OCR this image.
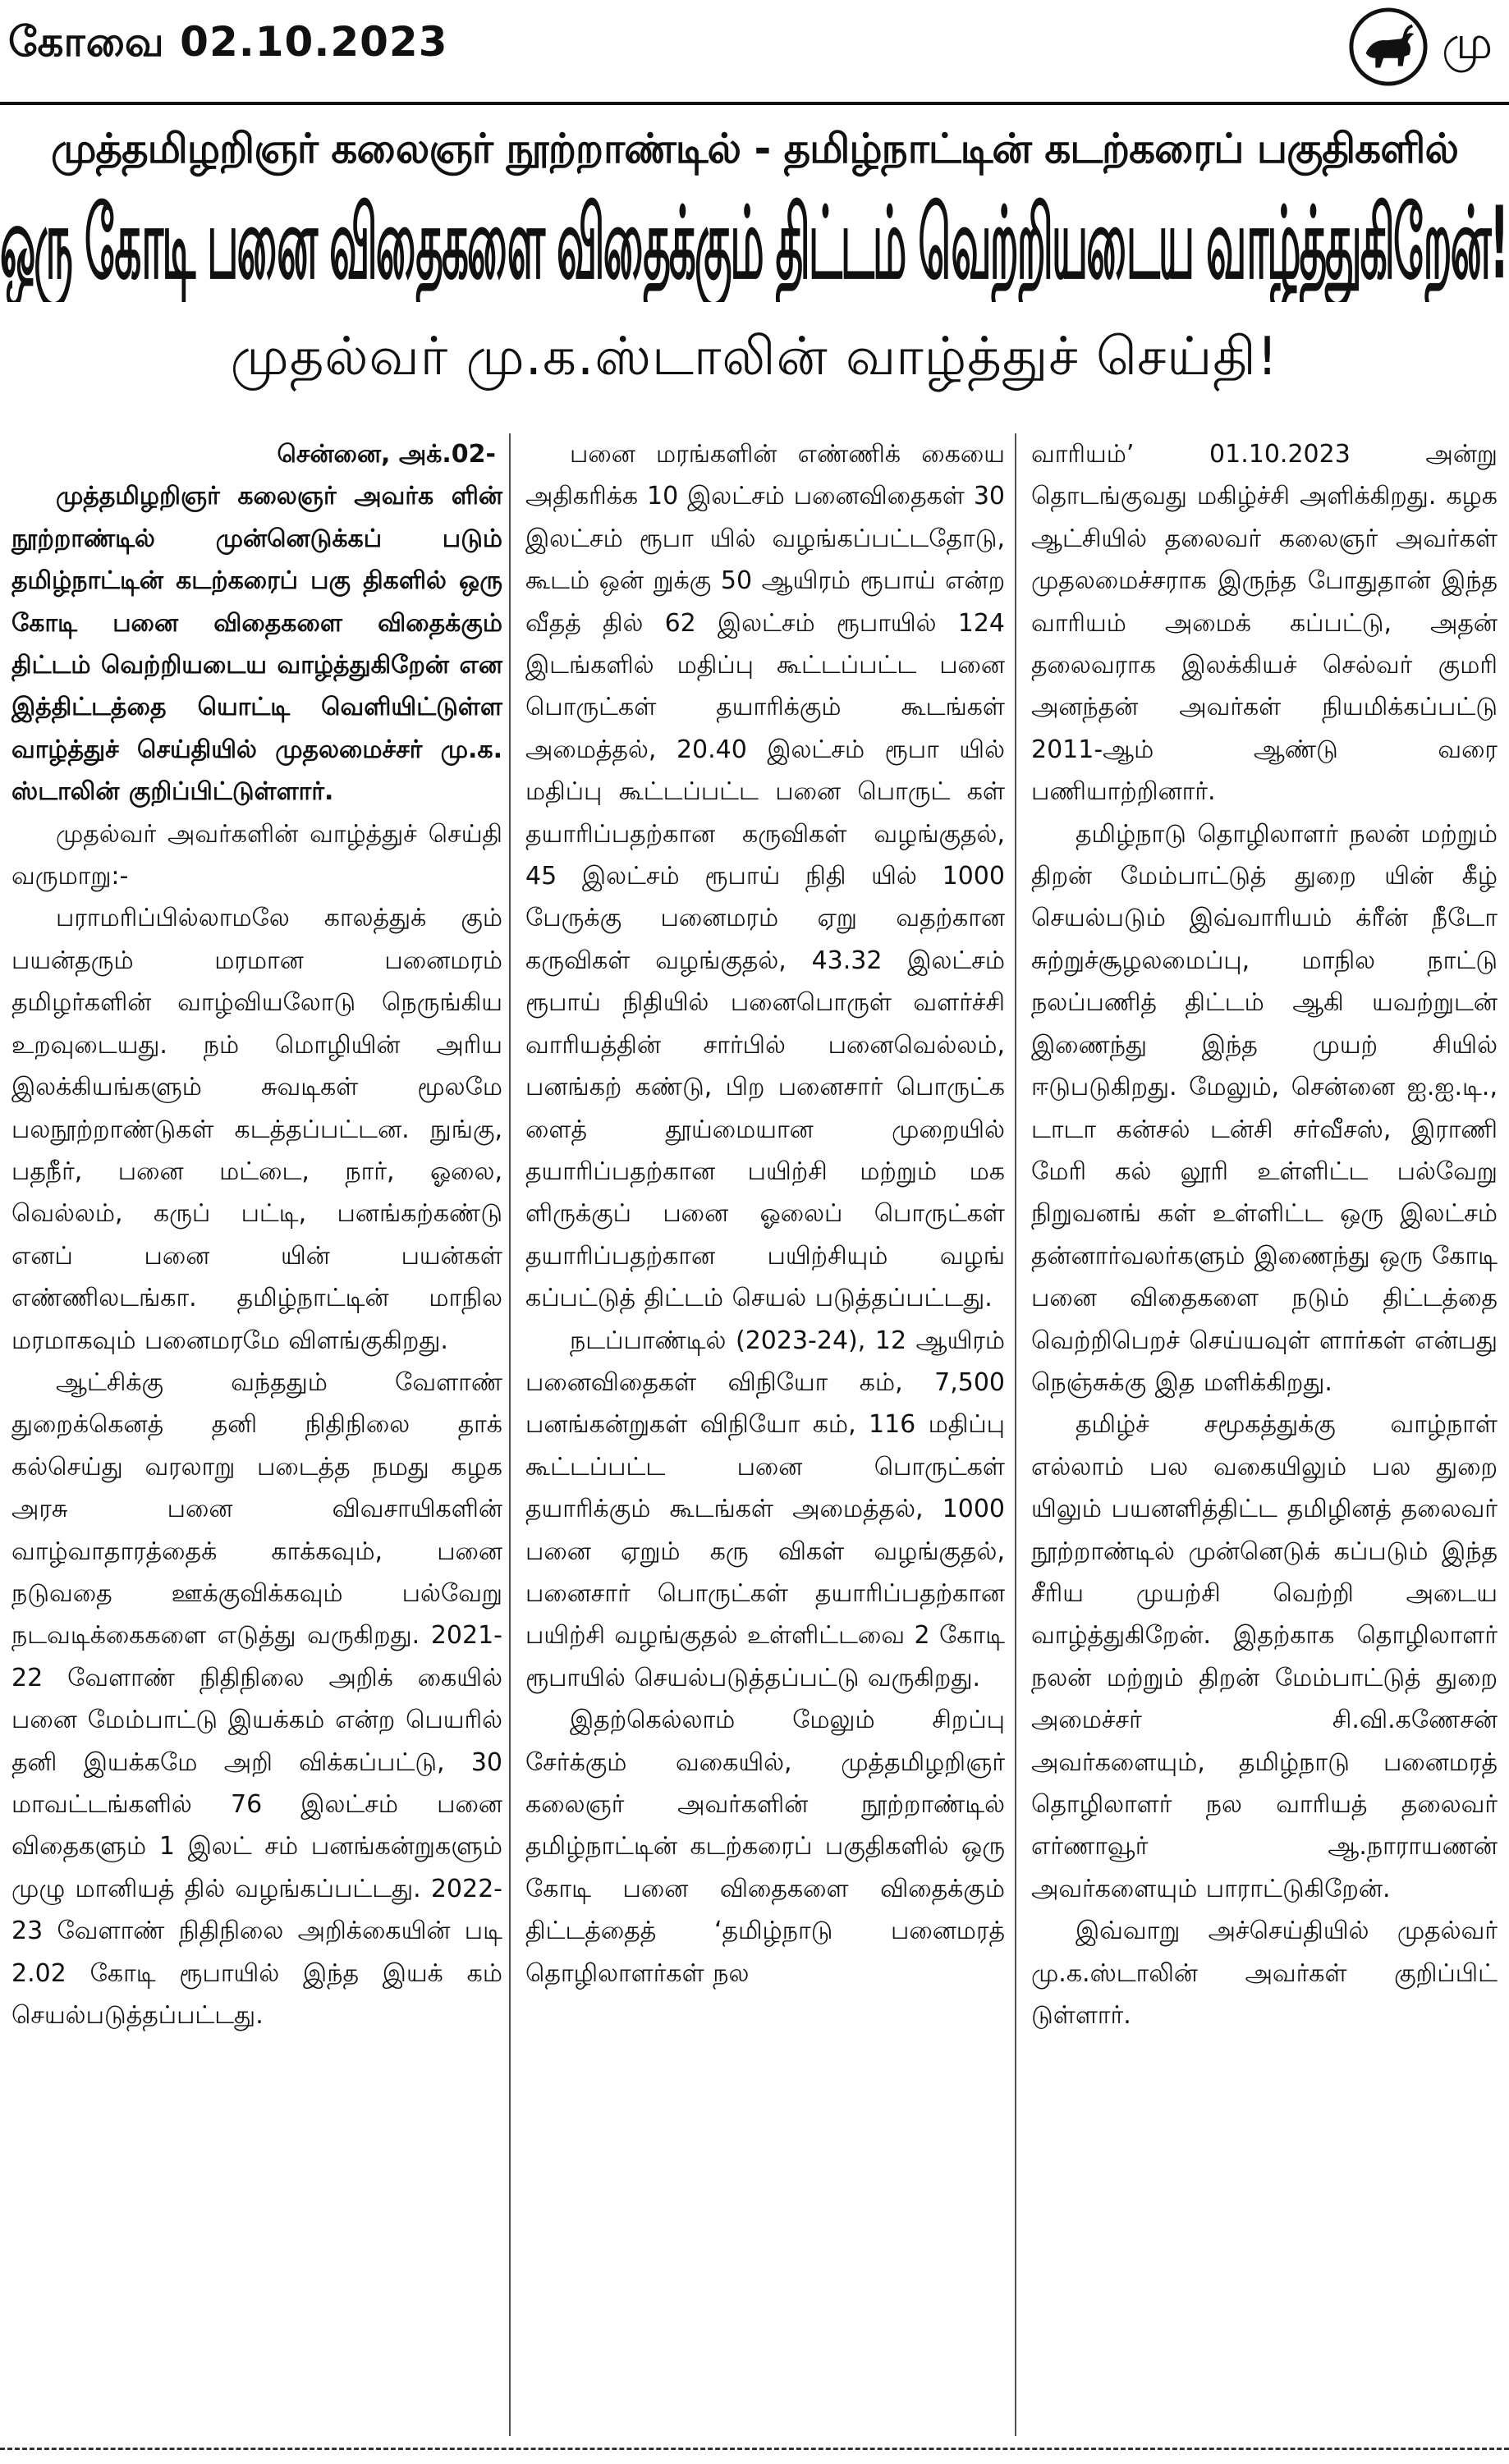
கோவை 02.10.2023	மு
முத்தமிழறிஞர் கலைஞர் நூற்றாண்டில் - தமிழ்நாட்டின் கடற்கரைப் பகுதிகளில்
ஒரு கோடி பனை விதைகளை விதைக்கும் திட்டம் வெற்றியடைய வாழ்த்துகிறேன்!
முதல்வர் மு.க.ஸ்டாலின் வாழ்த்துச் செய்தி!
சென்னை, அக்.02-

முத்தமிழறிஞர் கலைஞர் அவர்க ளின் நூற்றாண்டில் முன்னெடுக்கப் படும் தமிழ்நாட்டின் கடற்கரைப் பகு திகளில் ஒரு கோடி பனை விதைகளை விதைக்கும் திட்டம் வெற்றியடைய வாழ்த்துகிறேன் என இத்திட்டத்தை யொட்டி வெளியிட்டுள்ள வாழ்த்துச் செய்தியில் முதலமைச்சர் மு.க. ஸ்டாலின் குறிப்பிட்டுள்ளார்.

முதல்வர் அவர்களின் வாழ்த்துச் செய்தி வருமாறு:-

பராமரிப்பில்லாமலே காலத்துக் கும் பயன்தரும் மரமான பனைமரம் தமிழர்களின் வாழ்வியலோடு நெருங்கிய உறவுடையது. நம் மொழியின் அரிய இலக்கியங்களும் சுவடிகள் மூலமே பலநூற்றாண்டுகள் கடத்தப்பட்டன. நுங்கு, பதநீர், பனை மட்டை, நார், ஓலை, வெல்லம், கருப் பட்டி, பனங்கற்கண்டு எனப் பனை யின் பயன்கள் எண்ணிலடங்கா. தமிழ்நாட்டின் மாநில மரமாகவும் பனைமரமே விளங்குகிறது.

ஆட்சிக்கு வந்ததும் வேளாண் துறைக்கெனத் தனி நிதிநிலை தாக் கல்செய்து வரலாறு படைத்த நமது கழக அரசு பனை விவசாயிகளின் வாழ்வாதாரத்தைக் காக்கவும், பனை நடுவதை ஊக்குவிக்கவும் பல்வேறு நடவடிக்கைகளை எடுத்து வருகிறது. 2021-22 வேளாண் நிதிநிலை அறிக் கையில் பனை மேம்பாட்டு இயக்கம் என்ற பெயரில் தனி இயக்கமே அறி விக்கப்பட்டு, 30 மாவட்டங்களில் 76 இலட்சம் பனை விதைகளும் 1 இலட் சம் பனங்கன்றுகளும் முழு மானியத் தில் வழங்கப்பட்டது. 2022-23 வேளாண் நிதிநிலை அறிக்கையின் படி 2.02 கோடி ரூபாயில் இந்த இயக் கம் செயல்படுத்தப்பட்டது.

பனை மரங்களின் எண்ணிக் கையை அதிகரிக்க 10 இலட்சம் பனைவிதைகள் 30 இலட்சம் ரூபா யில் வழங்கப்பட்டதோடு, கூடம் ஒன் றுக்கு 50 ஆயிரம் ரூபாய் என்ற வீதத் தில் 62 இலட்சம் ரூபாயில் 124 இடங்களில் மதிப்பு கூட்டப்பட்ட பனை பொருட்கள் தயாரிக்கும் கூடங்கள் அமைத்தல், 20.40 இலட்சம் ரூபா யில் மதிப்பு கூட்டப்பட்ட பனை பொருட் கள் தயாரிப்பதற்கான கருவிகள் வழங்குதல், 45 இலட்சம் ரூபாய் நிதி யில் 1000 பேருக்கு பனைமரம் ஏறு வதற்கான கருவிகள் வழங்குதல், 43.32 இலட்சம் ரூபாய் நிதியில் பனைபொருள் வளர்ச்சி வாரியத்தின் சார்பில் பனைவெல்லம், பனங்கற் கண்டு, பிற பனைசார் பொருட்க ளைத் தூய்மையான முறையில் தயாரிப்பதற்கான பயிற்சி மற்றும் மக ளிருக்குப் பனை ஓலைப் பொருட்கள் தயாரிப்பதற்கான பயிற்சியும் வழங் கப்பட்டுத் திட்டம் செயல் படுத்தப்பட்டது.

நடப்பாண்டில் (2023-24), 12 ஆயிரம் பனைவிதைகள் விநியோ கம், 7,500 பனங்கன்றுகள் விநியோ கம், 116 மதிப்பு கூட்டப்பட்ட பனை பொருட்கள் தயாரிக்கும் கூடங்கள் அமைத்தல், 1000 பனை ஏறும் கரு விகள் வழங்குதல், பனைசார் பொருட்கள் தயாரிப்பதற்கான பயிற்சி வழங்குதல் உள்ளிட்டவை 2 கோடி ரூபாயில் செயல்படுத்தப்பட்டு வருகிறது.

இதற்கெல்லாம் மேலும் சிறப்பு சேர்க்கும் வகையில், முத்தமிழறிஞர் கலைஞர் அவர்களின் நூற்றாண்டில் தமிழ்நாட்டின் கடற்கரைப் பகுதிகளில் ஒரு கோடி பனை விதைகளை விதைக்கும் திட்டத்தைத் ‘தமிழ்நாடு பனைமரத் தொழிலாளர்கள் நல

வாரியம்’ 01.10.2023 அன்று தொடங்குவது மகிழ்ச்சி அளிக்கிறது. கழக ஆட்சியில் தலைவர் கலைஞர் அவர்கள் முதலமைச்சராக இருந்த போதுதான் இந்த வாரியம் அமைக் கப்பட்டு, அதன் தலைவராக இலக்கியச் செல்வர் குமரி அனந்தன் அவர்கள் நியமிக்கப்பட்டு 2011-ஆம் ஆண்டு வரை பணியாற்றினார்.

தமிழ்நாடு தொழிலாளர் நலன் மற்றும் திறன் மேம்பாட்டுத் துறை யின் கீழ் செயல்படும் இவ்வாரியம் க்ரீன் நீடோ சுற்றுச்சூழலமைப்பு, மாநில நாட்டு நலப்பணித் திட்டம் ஆகி யவற்றுடன் இணைந்து இந்த முயற் சியில் ஈடுபடுகிறது. மேலும், சென்னை ஐ.ஐ.டி., டாடா கன்சல் டன்சி சர்வீசஸ், இராணி மேரி கல் லூரி உள்ளிட்ட பல்வேறு நிறுவனங் கள் உள்ளிட்ட ஒரு இலட்சம் தன்னார்வலர்களும் இணைந்து ஒரு கோடி பனை விதைகளை நடும் திட்டத்தை வெற்றிபெறச் செய்யவுள் ளார்கள் என்பது நெஞ்சுக்கு இத மளிக்கிறது.

தமிழ்ச் சமூகத்துக்கு வாழ்நாள் எல்லாம் பல வகையிலும் பல துறை யிலும் பயனளித்திட்ட தமிழினத் தலைவர் நூற்றாண்டில் முன்னெடுக் கப்படும் இந்த சீரிய முயற்சி வெற்றி அடைய வாழ்த்துகிறேன். இதற்காக தொழிலாளர் நலன் மற்றும் திறன் மேம்பாட்டுத் துறை அமைச்சர் சி.வி.கணேசன் அவர்களையும், தமிழ்நாடு பனைமரத் தொழிலாளர் நல வாரியத் தலைவர் எர்ணாவூர் ஆ.நாராயணன் அவர்களையும் பாராட்டுகிறேன்.

இவ்வாறு அச்செய்தியில் முதல்வர் மு.க.ஸ்டாலின் அவர்கள் குறிப்பிட் டுள்ளார்.
